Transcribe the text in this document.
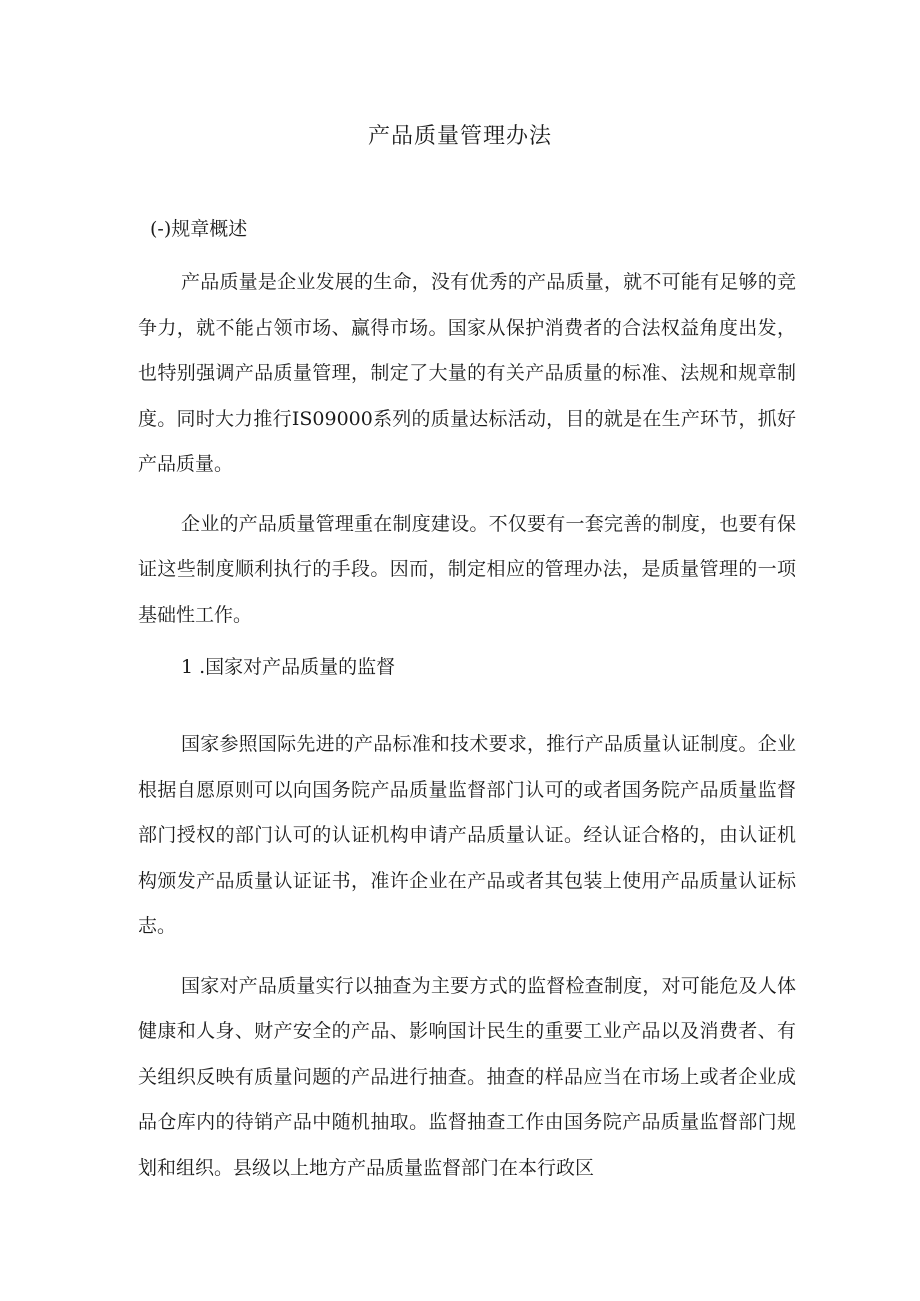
产品质量管理办法

(-)规章概述

产品质量是企业发展的生命，没有优秀的产品质量，就不可能有足够的竞争力，就不能占领市场、赢得市场。国家从保护消费者的合法权益角度出发，也特别强调产品质量管理，制定了大量的有关产品质量的标准、法规和规章制度。同时大力推行IS09000系列的质量达标活动，目的就是在生产环节，抓好产品质量。

企业的产品质量管理重在制度建设。不仅要有一套完善的制度，也要有保证这些制度顺利执行的手段。因而，制定相应的管理办法，是质量管理的一项基础性工作。

1 .国家对产品质量的监督

国家参照国际先进的产品标准和技术要求，推行产品质量认证制度。企业根据自愿原则可以向国务院产品质量监督部门认可的或者国务院产品质量监督部门授权的部门认可的认证机构申请产品质量认证。经认证合格的，由认证机构颁发产品质量认证证书，准许企业在产品或者其包装上使用产品质量认证标志。

国家对产品质量实行以抽查为主要方式的监督检查制度，对可能危及人体健康和人身、财产安全的产品、影响国计民生的重要工业产品以及消费者、有关组织反映有质量问题的产品进行抽查。抽查的样品应当在市场上或者企业成品仓库内的待销产品中随机抽取。监督抽查工作由国务院产品质量监督部门规划和组织。县级以上地方产品质量监督部门在本行政区
